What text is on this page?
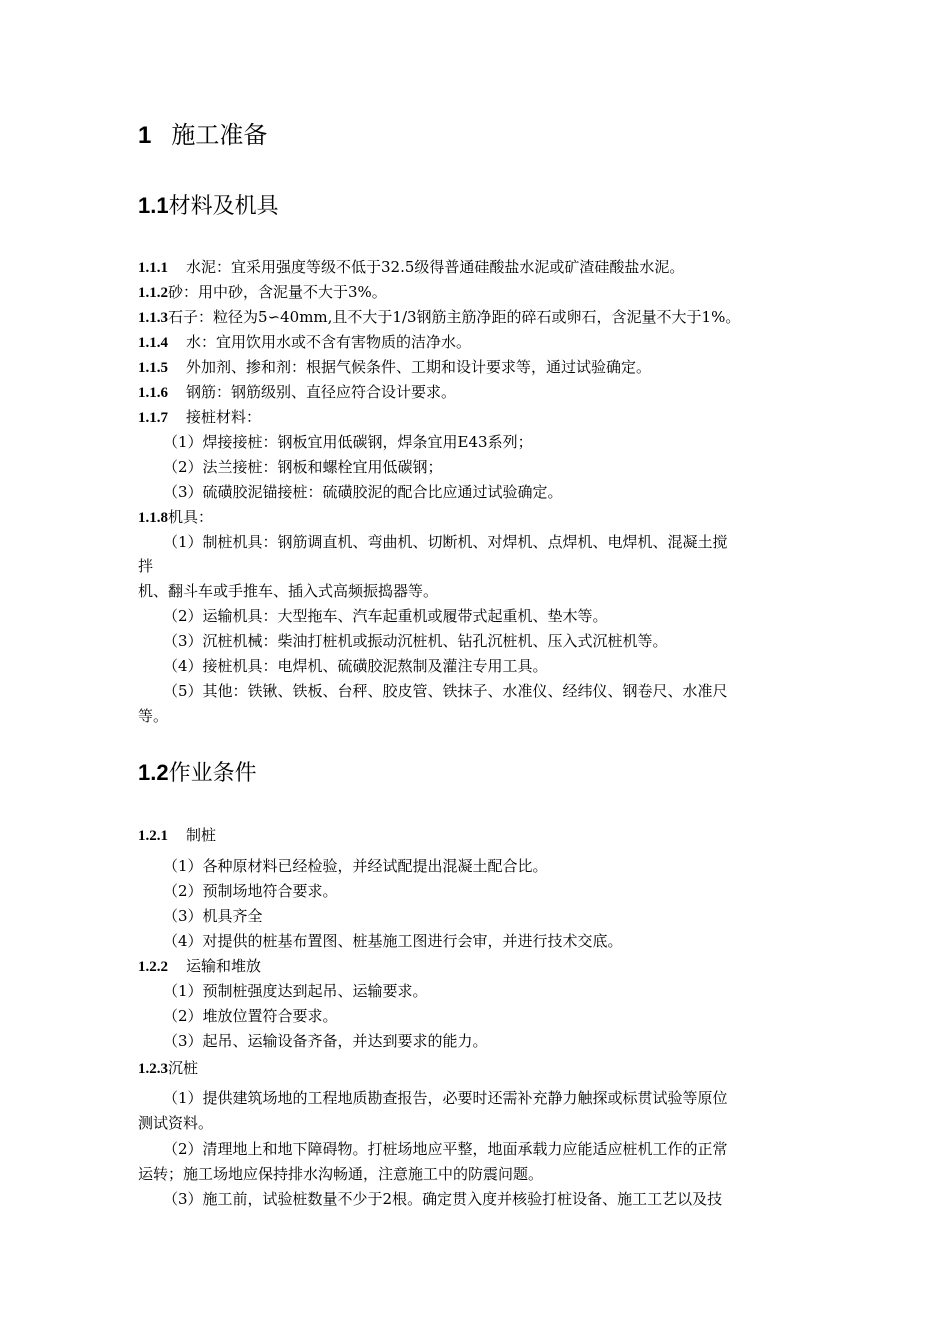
1 施工准备
1.1材料及机具
1.1.1 水泥：宜采用强度等级不低于32.5级得普通硅酸盐水泥或矿渣硅酸盐水泥。
1.1.2砂：用中砂，含泥量不大于3%。
1.1.3石子：粒径为5∽40mm,且不大于1/3钢筋主筋净距的碎石或卵石，含泥量不大于1%。
1.1.4 水：宜用饮用水或不含有害物质的洁净水。
1.1.5 外加剂、掺和剂：根据气候条件、工期和设计要求等，通过试验确定。
1.1.6 钢筋：钢筋级别、直径应符合设计要求。
1.1.7 接桩材料：
（1）焊接接桩：钢板宜用低碳钢，焊条宜用E43系列；
（2）法兰接桩：钢板和螺栓宜用低碳钢；
（3）硫磺胶泥锚接桩：硫磺胶泥的配合比应通过试验确定。
1.1.8机具：
（1）制桩机具：钢筋调直机、弯曲机、切断机、对焊机、点焊机、电焊机、混凝土搅
拌
机、翻斗车或手推车、插入式高频振捣器等。
（2）运输机具：大型拖车、汽车起重机或履带式起重机、垫木等。
（3）沉桩机械：柴油打桩机或振动沉桩机、钻孔沉桩机、压入式沉桩机等。
（4）接桩机具：电焊机、硫磺胶泥熬制及灌注专用工具。
（5）其他：铁锹、铁板、台秤、胶皮管、铁抹子、水准仪、经纬仪、钢卷尺、水准尺
等。
1.2作业条件
1.2.1 制桩
（1）各种原材料已经检验，并经试配提出混凝土配合比。
（2）预制场地符合要求。
（3）机具齐全
（4）对提供的桩基布置图、桩基施工图进行会审，并进行技术交底。
1.2.2 运输和堆放
（1）预制桩强度达到起吊、运输要求。
（2）堆放位置符合要求。
（3）起吊、运输设备齐备，并达到要求的能力。
1.2.3沉桩
（1）提供建筑场地的工程地质勘查报告，必要时还需补充静力触探或标贯试验等原位
测试资料。
（2）清理地上和地下障碍物。打桩场地应平整，地面承载力应能适应桩机工作的正常
运转；施工场地应保持排水沟畅通，注意施工中的防震问题。
（3）施工前，试验桩数量不少于2根。确定贯入度并核验打桩设备、施工工艺以及技
